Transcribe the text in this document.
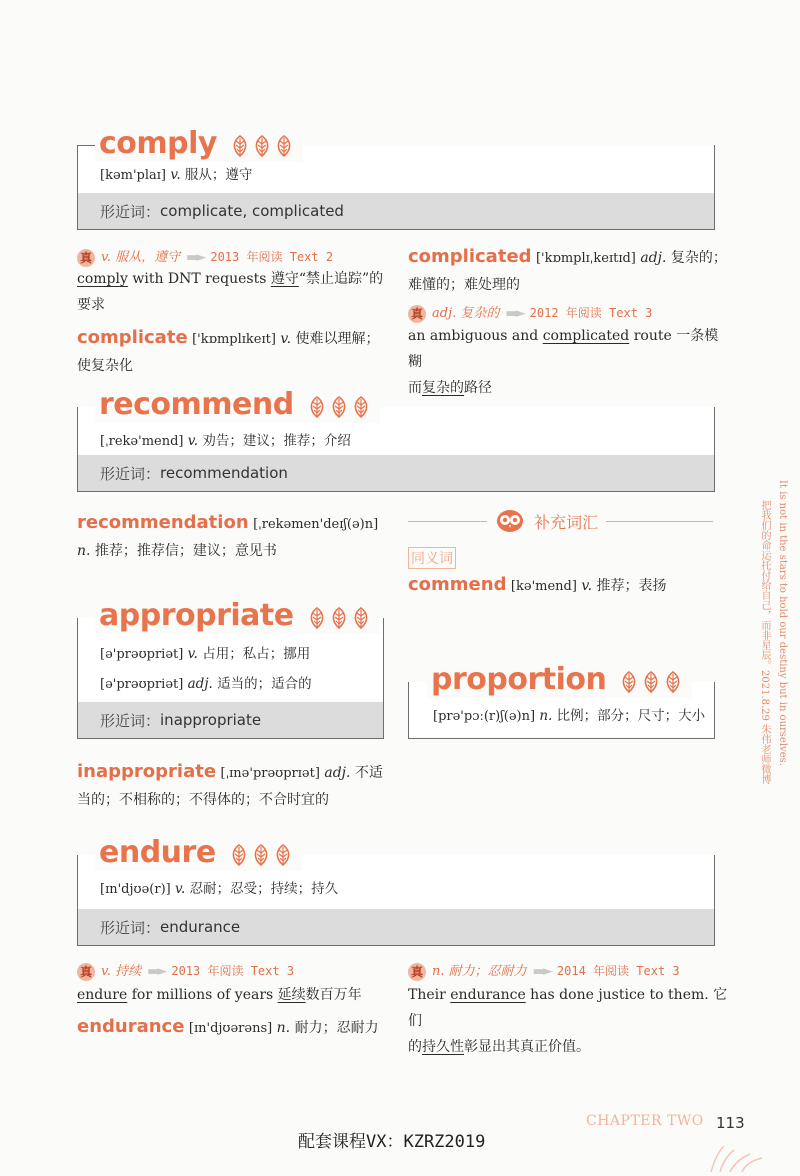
[kəm'plaɪ] v. 服从；遵守
形近词： complicate, complicated
comply
真 v. 服从，遵守 ▬► 2013 年阅读 Text 2
comply with DNT requests 遵守“禁止追踪”的
要求
complicate ['kɒmplɪkeɪt] v. 使难以理解；
使复杂化
complicated ['kɒmplɪˌkeɪtɪd] adj. 复杂的；
难懂的；难处理的
真 adj. 复杂的 ▬► 2012 年阅读 Text 3
an ambiguous and complicated route 一条模糊
而复杂的路径
[ˌrekə'mend] v. 劝告；建议；推荐；介绍
形近词： recommendation
recommend
recommendation [ˌrekəmen'deɪʃ(ə)n]
n. 推荐；推荐信；建议；意见书
补充词汇
同义词
commend [kə'mend] v. 推荐；表扬
[ə'prəʊpriət] v. 占用；私占；挪用
[ə'prəʊpriət] adj. 适当的；适合的
形近词： inappropriate
appropriate
[prə'pɔː(r)ʃ(ə)n] n. 比例；部分；尺寸；大小
proportion
inappropriate [ˌɪnə'prəʊprɪət] adj. 不适
当的；不相称的；不得体的；不合时宜的
[ɪn'djʊə(r)] v. 忍耐；忍受；持续；持久
形近词： endurance
endure
真 v. 持续 ▬► 2013 年阅读 Text 3
endure for millions of years 延续数百万年
endurance [ɪn'djʊərəns] n. 耐力；忍耐力
真 n. 耐力；忍耐力 ▬► 2014 年阅读 Text 3
Their endurance has done justice to them. 它们
的持久性彰显出其真正价值。
把我们的命运托付给自己，而非星辰。2021.8.29 朱伟老师微博 It is not in the stars to hold our destiny but in ourselves.
CHAPTER TWO 113
配套课程VX：KZRZ2019
